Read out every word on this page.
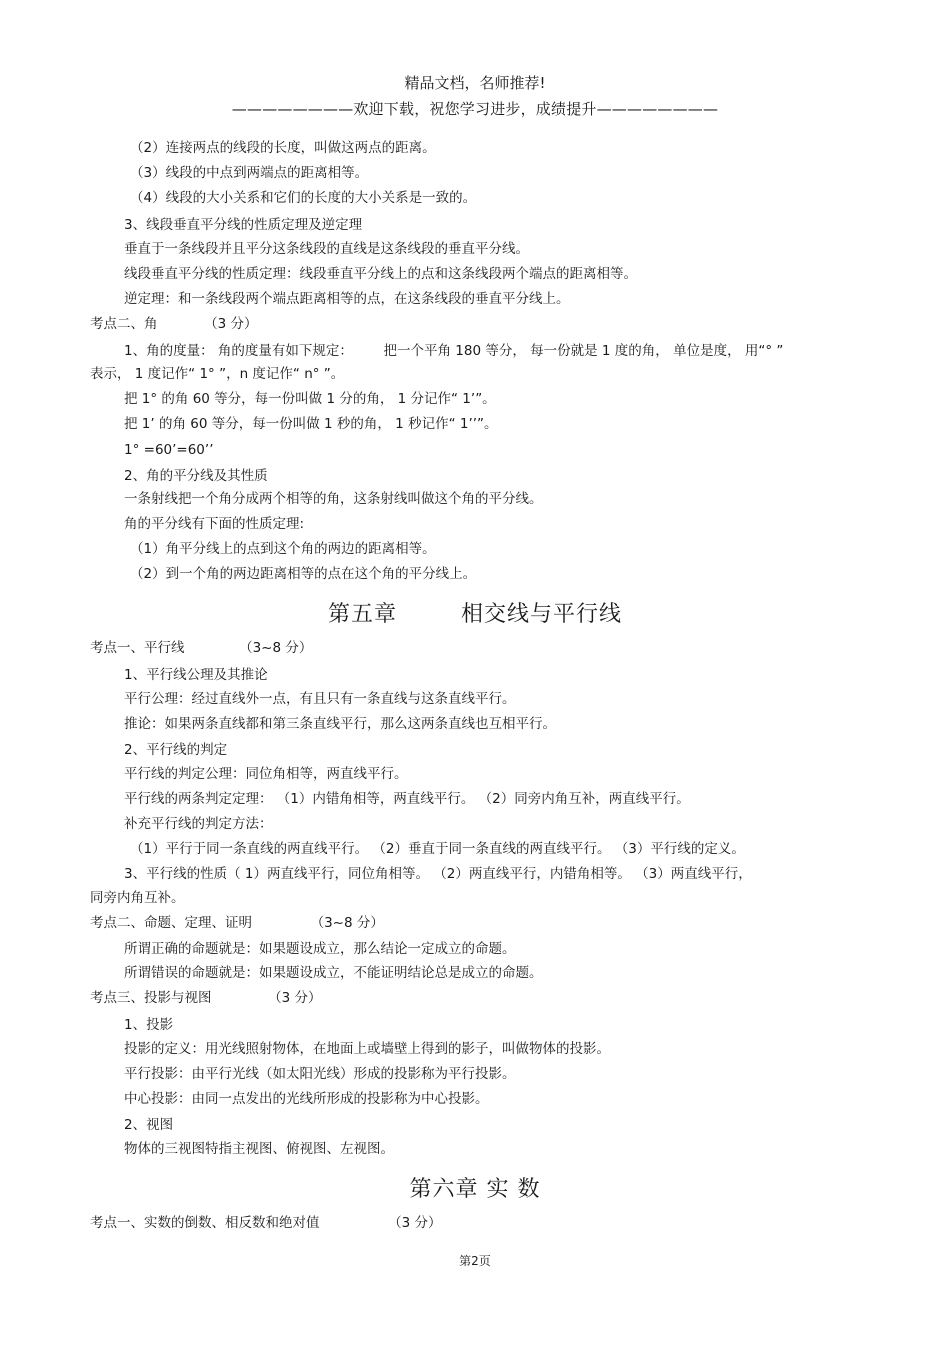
精品文档，名师推荐!
————————欢迎下载，祝您学习进步，成绩提升————————
（2）连接两点的线段的长度，叫做这两点的距离。
（3）线段的中点到两端点的距离相等。
（4）线段的大小关系和它们的长度的大小关系是一致的。
3、线段垂直平分线的性质定理及逆定理
垂直于一条线段并且平分这条线段的直线是这条线段的垂直平分线。
线段垂直平分线的性质定理：线段垂直平分线上的点和这条线段两个端点的距离相等。
逆定理：和一条线段两个端点距离相等的点，在这条线段的垂直平分线上。
考点二、角	（3 分）
1、角的度量： 角的度量有如下规定： 把一个平角 180 等分， 每一份就是 1 度的角， 单位是度， 用“° ”
表示， 1 度记作“ 1° ”，n 度记作“ n° ”。
把 1° 的角 60 等分，每一份叫做 1 分的角， 1 分记作“ 1’”。
把 1’ 的角 60 等分，每一份叫做 1 秒的角， 1 秒记作“ 1’’”。
1° =60’=60’’
2、角的平分线及其性质
一条射线把一个角分成两个相等的角，这条射线叫做这个角的平分线。
角的平分线有下面的性质定理:
（1）角平分线上的点到这个角的两边的距离相等。
（2）到一个角的两边距离相等的点在这个角的平分线上。
第五章	相交线与平行线
考点一、平行线	（3~8 分）
1、平行线公理及其推论
平行公理：经过直线外一点，有且只有一条直线与这条直线平行。
推论：如果两条直线都和第三条直线平行，那么这两条直线也互相平行。
2、平行线的判定
平行线的判定公理：同位角相等，两直线平行。
平行线的两条判定定理： （1）内错角相等，两直线平行。 （2）同旁内角互补，两直线平行。
补充平行线的判定方法：
（1）平行于同一条直线的两直线平行。 （2）垂直于同一条直线的两直线平行。 （3）平行线的定义。
3、平行线的性质（ 1）两直线平行，同位角相等。 （2）两直线平行，内错角相等。 （3）两直线平行，
同旁内角互补。
考点二、命题、定理、证明	（3~8 分）
所谓正确的命题就是：如果题设成立，那么结论一定成立的命题。
所谓错误的命题就是：如果题设成立，不能证明结论总是成立的命题。
考点三、投影与视图	（3 分）
1、投影
投影的定义：用光线照射物体，在地面上或墙壁上得到的影子，叫做物体的投影。
平行投影：由平行光线（如太阳光线）形成的投影称为平行投影。
中心投影：由同一点发出的光线所形成的投影称为中心投影。
2、视图
物体的三视图特指主视图、俯视图、左视图。
第六章 实 数
考点一、实数的倒数、相反数和绝对值	（3 分）
第2页
